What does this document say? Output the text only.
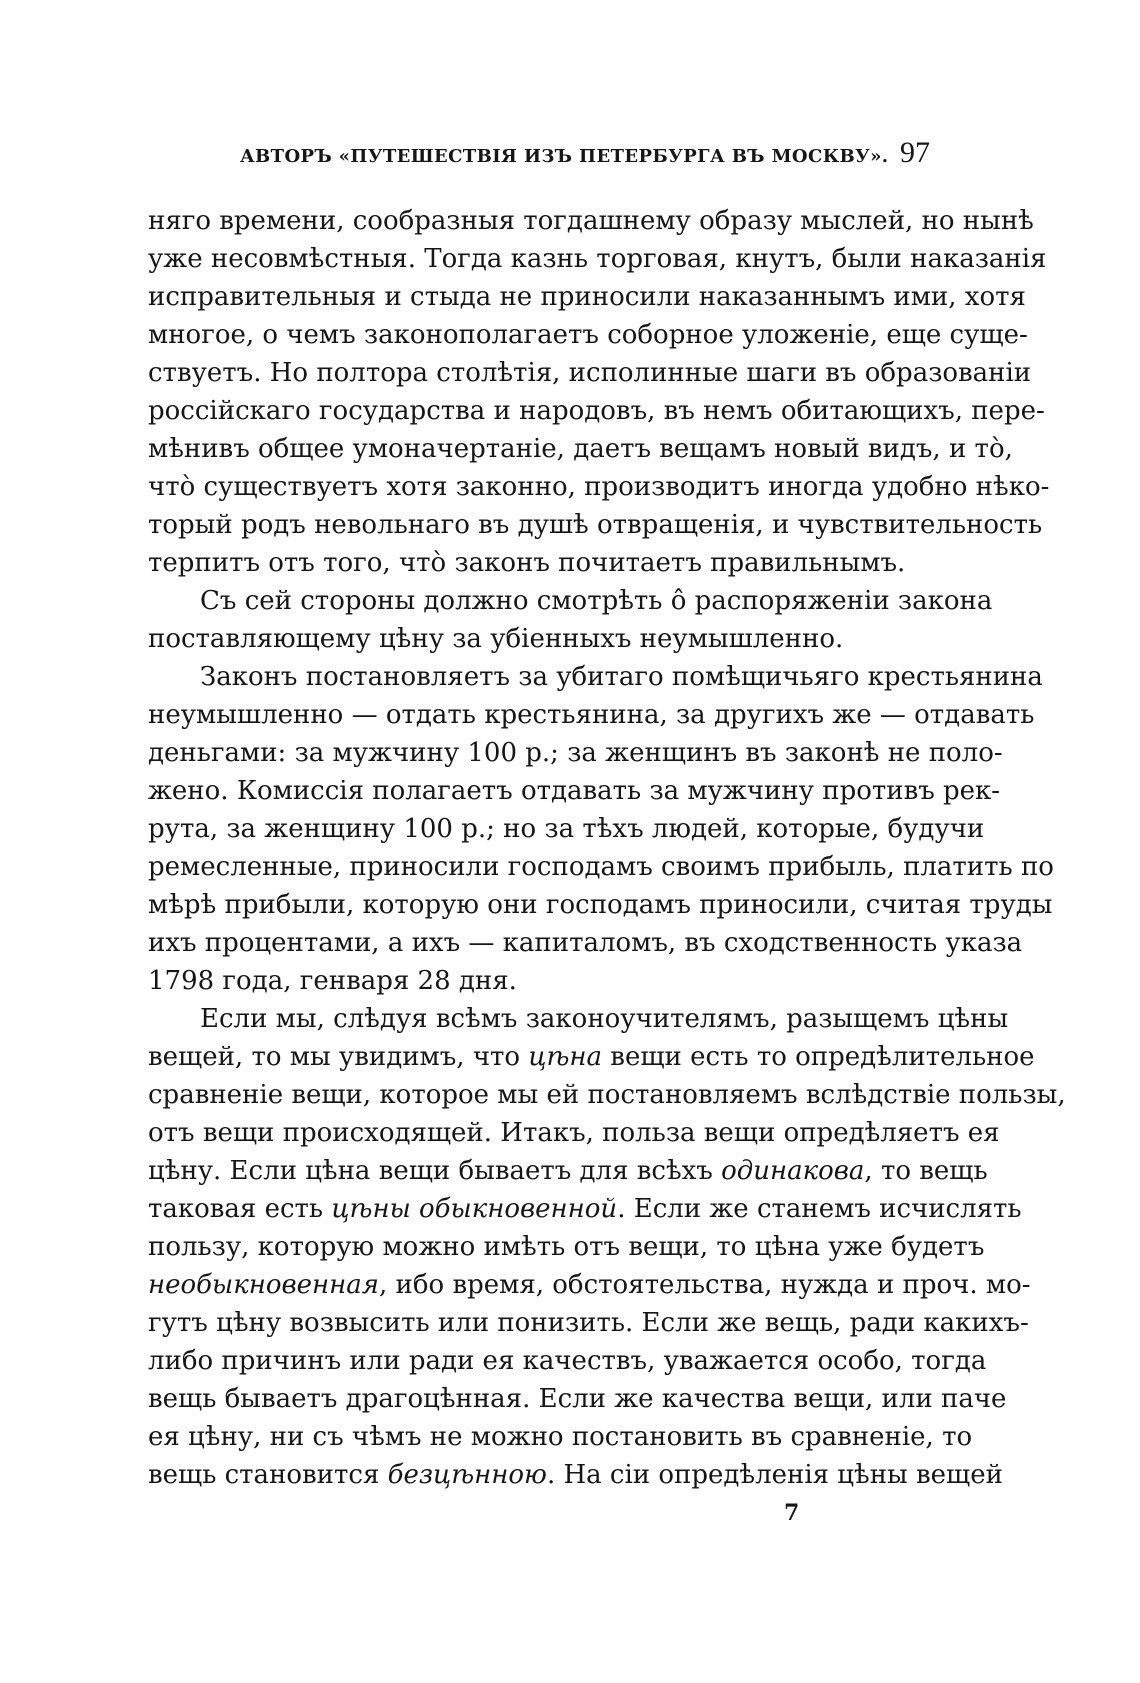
АВТОРЪ «ПУТЕШЕСТВІЯ ИЗЪ ПЕТЕРБУРГА ВЪ МОСКВУ». 97
няго времени, сообразныя тогдашнему образу мыслей, но нынѣ
уже несовмѣстныя. Тогда казнь торговая, кнутъ, были наказанія
исправительныя и стыда не приносили наказаннымъ ими, хотя
многое, о чемъ законополагаетъ соборное уложеніе, еще суще-
ствуетъ. Но полтора столѣтія, исполинные шаги въ образованіи
россійскаго государства и народовъ, въ немъ обитающихъ, пере-
мѣнивъ общее умоначертаніе, даетъ вещамъ новый видъ, и тò,
чтò существуетъ хотя законно, производитъ иногда удобно нѣко-
торый родъ невольнаго въ душѣ отвращенія, и чувствительность
терпитъ отъ того, чтò законъ почитаетъ правильнымъ.
Съ сей стороны должно смотрѣть ô распоряженіи закона
поставляющему цѣну за убіенныхъ неумышленно.
Законъ постановляетъ за убитаго помѣщичьяго крестьянина
неумышленно — отдать крестьянина, за другихъ же — отдавать
деньгами: за мужчину 100 р.; за женщинъ въ законѣ не поло-
жено. Комиссія полагаетъ отдавать за мужчину противъ рек-
рута, за женщину 100 р.; но за тѣхъ людей, которые, будучи
ремесленные, приносили господамъ своимъ прибыль, платить по
мѣрѣ прибыли, которую они господамъ приносили, считая труды
ихъ процентами, а ихъ — капиталомъ, въ сходственность указа
1798 года, генваря 28 дня.
Если мы, слѣдуя всѣмъ законоучителямъ, разыщемъ цѣны
вещей, то мы увидимъ, что цѣна вещи есть то опредѣлительное
сравненіе вещи, которое мы ей постановляемъ вслѣдствіе пользы,
отъ вещи происходящей. Итакъ, польза вещи опредѣляетъ ея
цѣну. Если цѣна вещи бываетъ для всѣхъ одинакова, то вещь
таковая есть цѣны обыкновенной. Если же станемъ исчислять
пользу, которую можно имѣть отъ вещи, то цѣна уже будетъ
необыкновенная, ибо время, обстоятельства, нужда и проч. мо-
гутъ цѣну возвысить или понизить. Если же вещь, ради какихъ-
либо причинъ или ради ея качествъ, уважается особо, тогда
вещь бываетъ драгоцѣнная. Если же качества вещи, или паче
ея цѣну, ни съ чѣмъ не можно постановить въ сравненіе, то
вещь становится безцѣнною. На сіи опредѣленія цѣны вещей
7
